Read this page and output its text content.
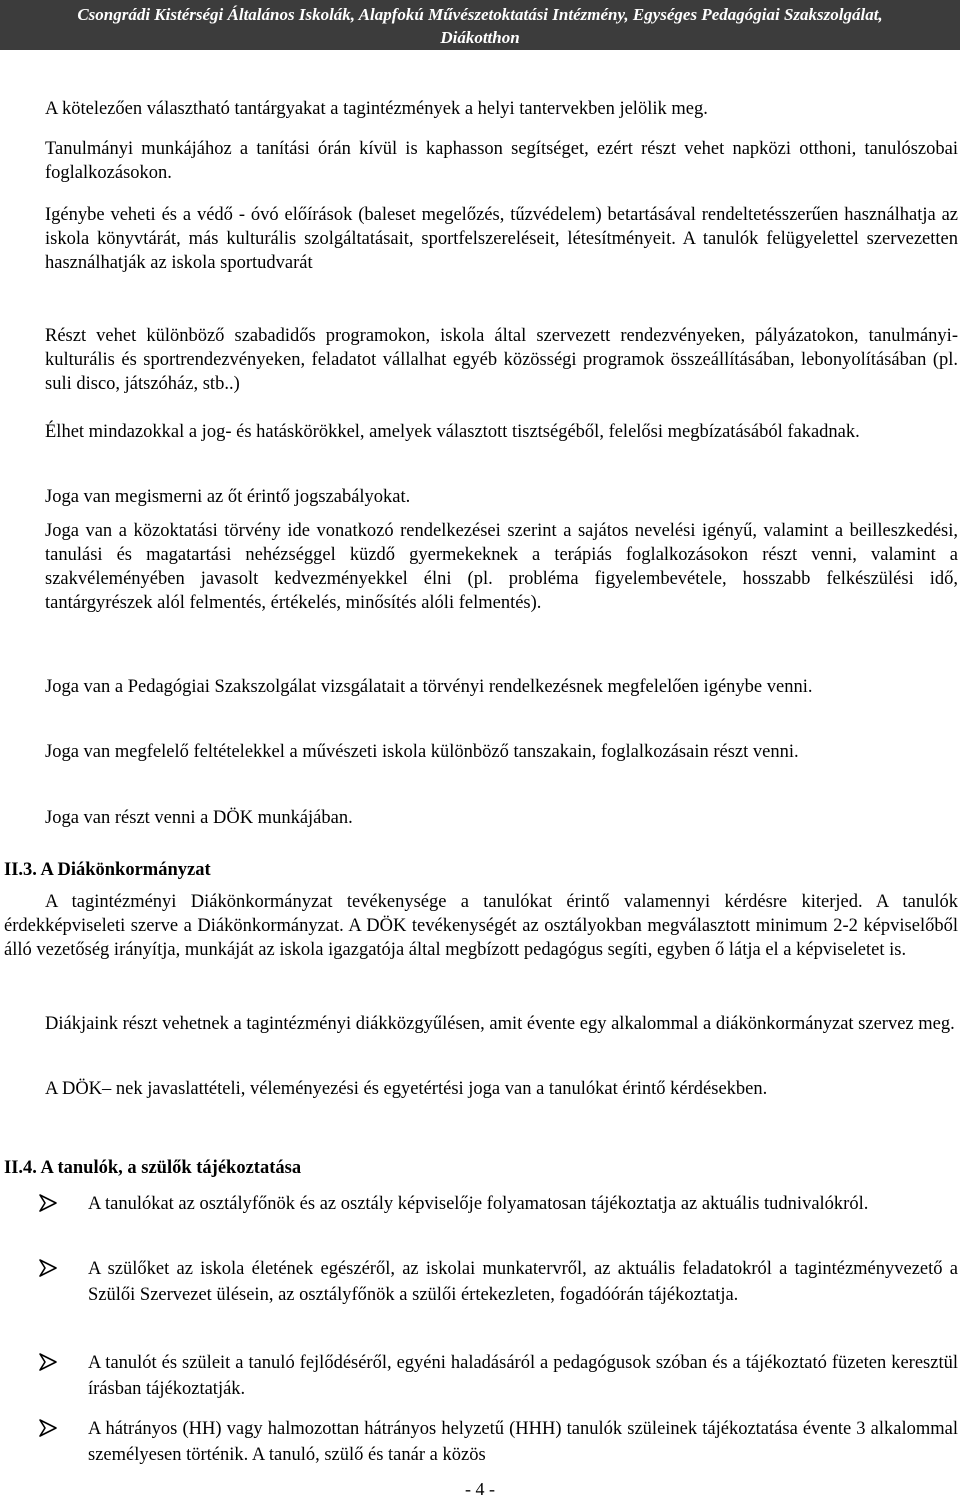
Csongrádi Kistérségi Általános Iskolák, Alapfokú Művészetoktatási Intézmény, Egységes Pedagógiai Szakszolgálat,
Diákotthon

A kötelezően választható tantárgyakat a tagintézmények a helyi tantervekben jelölik meg.

Tanulmányi munkájához a tanítási órán kívül is kaphasson segítséget, ezért részt vehet napközi otthoni, tanulószobai foglalkozásokon.

Igénybe veheti és a védő - óvó előírások (baleset megelőzés, tűzvédelem) betartásával rendeltetésszerűen használhatja az iskola könyvtárát, más kulturális szolgáltatásait, sportfelszereléseit, létesítményeit. A tanulók felügyelettel szervezetten használhatják az iskola sportudvarát

Részt vehet különböző szabadidős programokon, iskola által szervezett rendezvényeken, pályázatokon, tanulmányi-kulturális és sportrendezvényeken, feladatot vállalhat egyéb közösségi programok összeállításában, lebonyolításában (pl. suli disco, játszóház, stb..)

Élhet mindazokkal a jog- és hatáskörökkel, amelyek választott tisztségéből, felelősi megbízatásából fakadnak.

Joga van megismerni az őt érintő jogszabályokat.

Joga van a közoktatási törvény ide vonatkozó rendelkezései szerint a sajátos nevelési igényű, valamint a beilleszkedési, tanulási és magatartási nehézséggel küzdő gyermekeknek a terápiás foglalkozásokon részt venni, valamint a szakvéleményében javasolt kedvezményekkel élni (pl. probléma figyelembevétele, hosszabb felkészülési idő, tantárgyrészek alól felmentés, értékelés, minősítés alóli felmentés).

Joga van a Pedagógiai Szakszolgálat vizsgálatait a törvényi rendelkezésnek megfelelően igénybe venni.

Joga van megfelelő feltételekkel a művészeti iskola különböző tanszakain, foglalkozásain részt venni.

Joga van részt venni a DÖK munkájában.

II.3. A Diákönkormányzat

A tagintézményi Diákönkormányzat tevékenysége a tanulókat érintő valamennyi kérdésre kiterjed. A tanulók érdekképviseleti szerve a Diákönkormányzat. A DÖK tevékenységét az osztályokban megválasztott minimum 2-2 képviselőből álló vezetőség irányítja, munkáját az iskola igazgatója által megbízott pedagógus segíti, egyben ő látja el a képviseletet is.

Diákjaink részt vehetnek a tagintézményi diákközgyűlésen, amit évente egy alkalommal a diákönkormányzat szervez meg.

A DÖK– nek javaslattételi, véleményezési és egyetértési joga van a tanulókat érintő kérdésekben.

II.4. A tanulók, a szülők tájékoztatása

A tanulókat az osztályfőnök és az osztály képviselője folyamatosan tájékoztatja az aktuális tudnivalókról.

A szülőket az iskola életének egészéről, az iskolai munkatervről, az aktuális feladatokról a tagintézményvezető a Szülői Szervezet ülésein, az osztályfőnök a szülői értekezleten, fogadóórán tájékoztatja.

A tanulót és szüleit a tanuló fejlődéséről, egyéni haladásáról a pedagógusok szóban és a tájékoztató füzeten keresztül írásban tájékoztatják.

A hátrányos (HH) vagy halmozottan hátrányos helyzetű (HHH) tanulók szüleinek tájékoztatása évente 3 alkalommal személyesen történik. A tanuló, szülő és tanár a közös

- 4 -
